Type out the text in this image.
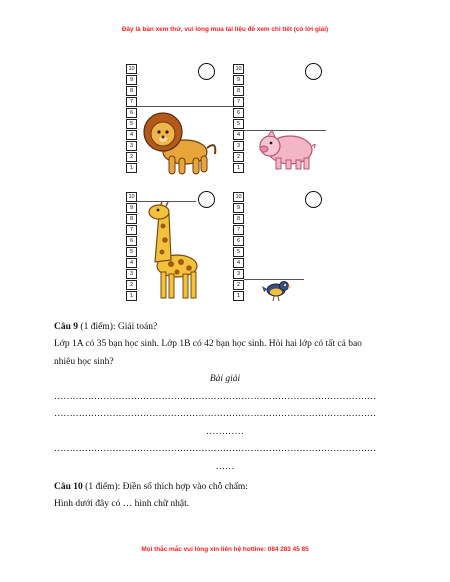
Đây là bản xem thử, vui lòng mua tài liệu để xem chi tiết (có lời giải)
10
9
8
7
6
5
4
3
2
1
10
9
8
7
6
5
4
3
2
1
10
9
8
7
6
5
4
3
2
1
10
9
8
7
6
5
4
3
2
1
Câu 9 (1 điểm): Giải toán?
Lớp 1A có 35 bạn học sinh. Lớp 1B có 42 bạn học sinh. Hỏi hai lớp có tất cả bao
nhiêu học sinh?
Bài giải
……………………………………………………………………………………………
……………………………………………………………………………………………
…………
……………………………………………………………………………………………
……
Câu 10 (1 điểm): Điền số thích hợp vào chỗ chấm:
Hình dưới đây có … hình chữ nhật.
Mọi thắc mắc vui lòng xin liên hệ hotline: 084 283 45 85
